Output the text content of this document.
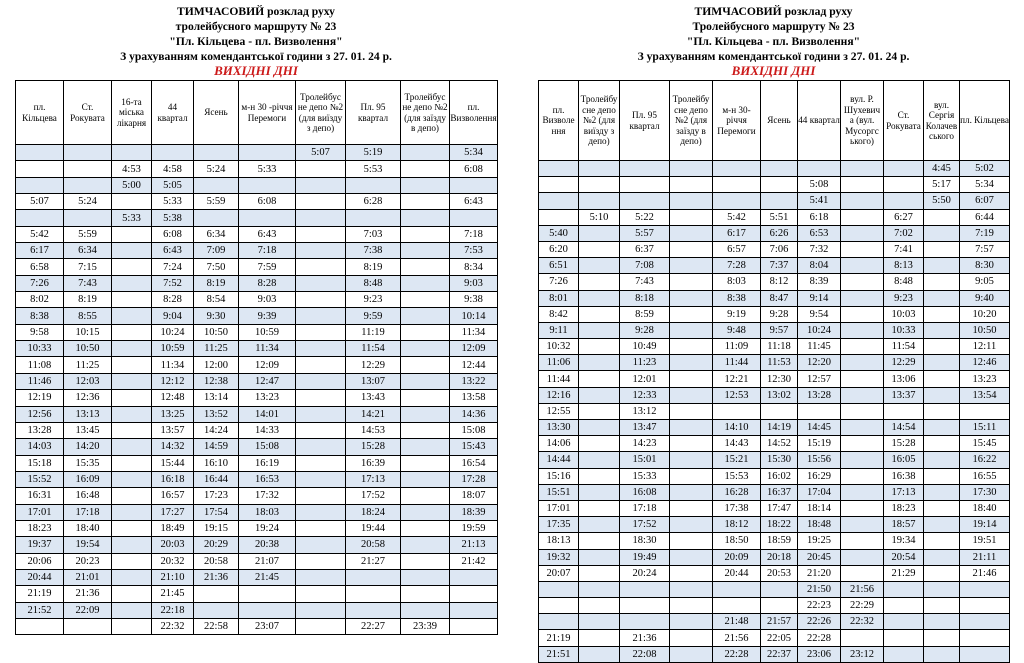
ТИМЧАСОВИЙ розклад руху
тролейбусного маршруту № 23
"Пл. Кільцева - пл. Визволення"
З урахуванням комендантської години з 27. 01. 24 р.
ВИХІДНІ ДНІ
пл. Кільцева	Ст. Рокувата	16-та міська лікарня	44 квартал	Ясень	м-н 30 -річчя Перемоги	Тролейбус не депо №2 (для виїзду з депо)	Пл. 95 квартал	Тролейбус не депо №2 (для заїзду в депо)	пл. Визволення
						5:07	5:19		5:34
		4:53	4:58	5:24	5:33		5:53		6:08
		5:00	5:05						
5:07	5:24		5:33	5:59	6:08		6:28		6:43
		5:33	5:38						
5:42	5:59		6:08	6:34	6:43		7:03		7:18
6:17	6:34		6:43	7:09	7:18		7:38		7:53
6:58	7:15		7:24	7:50	7:59		8:19		8:34
7:26	7:43		7:52	8:19	8:28		8:48		9:03
8:02	8:19		8:28	8:54	9:03		9:23		9:38
8:38	8:55		9:04	9:30	9:39		9:59		10:14
9:58	10:15		10:24	10:50	10:59		11:19		11:34
10:33	10:50		10:59	11:25	11:34		11:54		12:09
11:08	11:25		11:34	12:00	12:09		12:29		12:44
11:46	12:03		12:12	12:38	12:47		13:07		13:22
12:19	12:36		12:48	13:14	13:23		13:43		13:58
12:56	13:13		13:25	13:52	14:01		14:21		14:36
13:28	13:45		13:57	14:24	14:33		14:53		15:08
14:03	14:20		14:32	14:59	15:08		15:28		15:43
15:18	15:35		15:44	16:10	16:19		16:39		16:54
15:52	16:09		16:18	16:44	16:53		17:13		17:28
16:31	16:48		16:57	17:23	17:32		17:52		18:07
17:01	17:18		17:27	17:54	18:03		18:24		18:39
18:23	18:40		18:49	19:15	19:24		19:44		19:59
19:37	19:54		20:03	20:29	20:38		20:58		21:13
20:06	20:23		20:32	20:58	21:07		21:27		21:42
20:44	21:01		21:10	21:36	21:45				
21:19	21:36		21:45						
21:52	22:09		22:18						
			22:32	22:58	23:07		22:27	23:39	
ТИМЧАСОВИЙ розклад руху
Тролейбусного маршруту № 23
"Пл. Кільцева - пл. Визволення"
З урахуванням комендантської години з 27. 01. 24 р.
ВИХІДНІ ДНІ
пл. Визволе ння	Тролейбу сне депо №2 (для виїзду з депо)	Пл. 95 квартал	Тролейбу сне депо №2 (для заїзду в депо)	м-н 30-річчя Перемоги	Ясень	44 квартал	вул. Р. Шухевич а (вул. Мусоргс ького)	Ст. Рокувата	вул. Сергія Колачев ського	пл. Кільцева
									4:45	5:02
						5:08			5:17	5:34
						5:41			5:50	6:07
	5:10	5:22		5:42	5:51	6:18		6:27		6:44
5:40		5:57		6:17	6:26	6:53		7:02		7:19
6:20		6:37		6:57	7:06	7:32		7:41		7:57
6:51		7:08		7:28	7:37	8:04		8:13		8:30
7:26		7:43		8:03	8:12	8:39		8:48		9:05
8:01		8:18		8:38	8:47	9:14		9:23		9:40
8:42		8:59		9:19	9:28	9:54		10:03		10:20
9:11		9:28		9:48	9:57	10:24		10:33		10:50
10:32		10:49		11:09	11:18	11:45		11:54		12:11
11:06		11:23		11:44	11:53	12:20		12:29		12:46
11:44		12:01		12:21	12:30	12:57		13:06		13:23
12:16		12:33		12:53	13:02	13:28		13:37		13:54
12:55		13:12								
13:30		13:47		14:10	14:19	14:45		14:54		15:11
14:06		14:23		14:43	14:52	15:19		15:28		15:45
14:44		15:01		15:21	15:30	15:56		16:05		16:22
15:16		15:33		15:53	16:02	16:29		16:38		16:55
15:51		16:08		16:28	16:37	17:04		17:13		17:30
17:01		17:18		17:38	17:47	18:14		18:23		18:40
17:35		17:52		18:12	18:22	18:48		18:57		19:14
18:13		18:30		18:50	18:59	19:25		19:34		19:51
19:32		19:49		20:09	20:18	20:45		20:54		21:11
20:07		20:24		20:44	20:53	21:20		21:29		21:46
						21:50	21:56			
						22:23	22:29			
				21:48	21:57	22:26	22:32			
21:19		21:36		21:56	22:05	22:28				
21:51		22:08		22:28	22:37	23:06	23:12			
